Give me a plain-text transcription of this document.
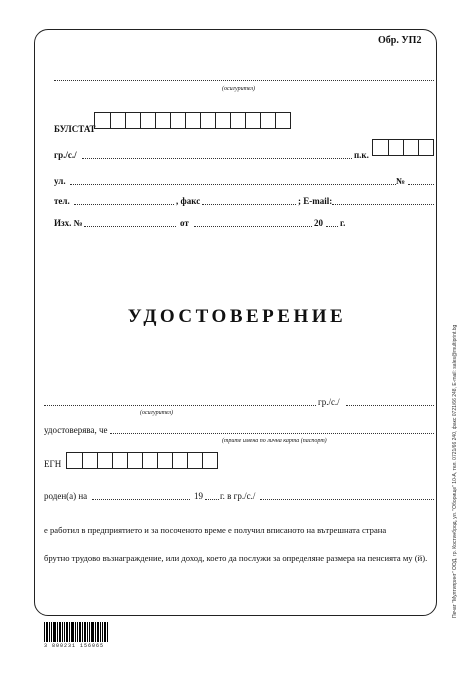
Обр. УП2
(осигурител)
БУЛСТАТ
гр./с./	п.к.
ул.	№
тел.	, факс	; E-mail:
Изх. №	от	20 г.
УДОСТОВЕРЕНИЕ
(осигурител)
гр./с./
удостоверява, че
(трите имена по лична карта (паспорт)
ЕГН
роден(а) на	19 г. в гр./с./
е работил в предприятието и за посоченото време е получил вписаното на вътрешната страна
брутно трудово възнаграждение, или доход, което да послужи за определяне размера на пенсията му (й).	Печат "Мултипринт" ООД, гр. Костинброд, ул. "Оборище" 10-А, тел. 0721/66 240, факс 0721/66 248, E-mail: sales@multiprint.bg
3 800231 156065
